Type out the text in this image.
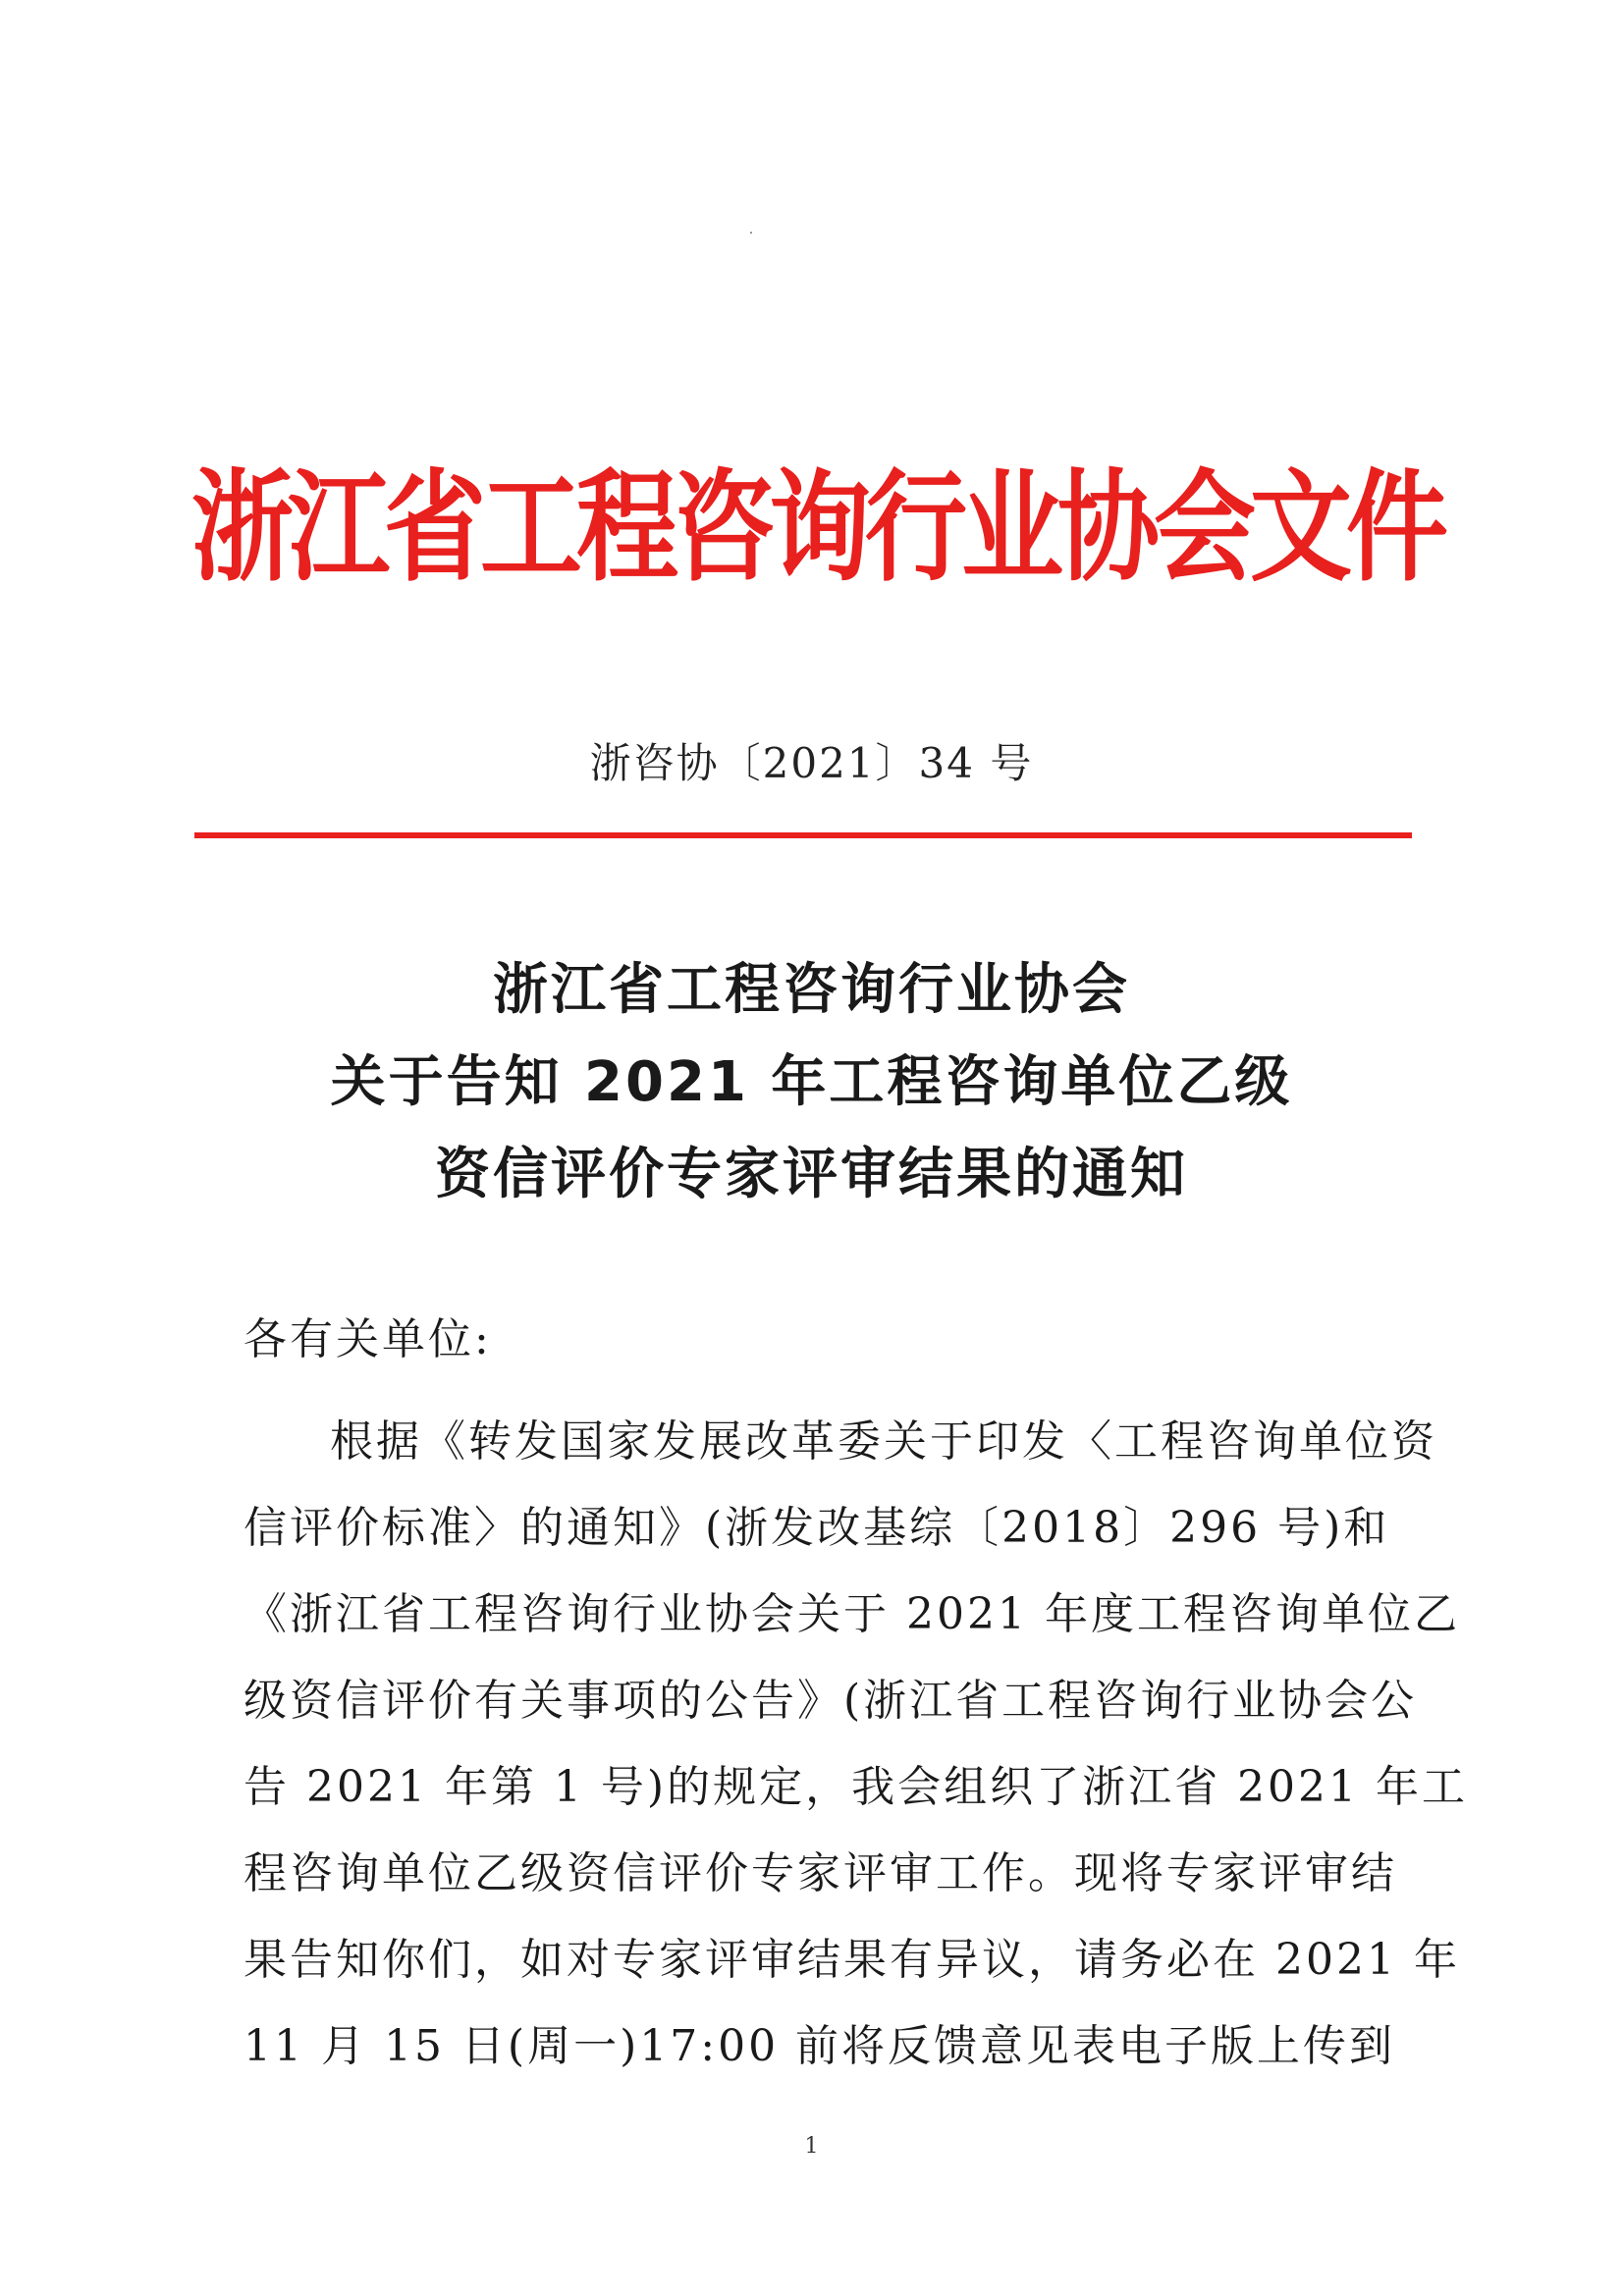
浙江省工程咨询行业协会文件
浙咨协〔2021〕34 号
浙江省工程咨询行业协会
关于告知 2021 年工程咨询单位乙级
资信评价专家评审结果的通知
各有关单位:
根据《转发国家发展改革委关于印发〈工程咨询单位资
信评价标准〉的通知》(浙发改基综〔2018〕296 号)和
《浙江省工程咨询行业协会关于 2021 年度工程咨询单位乙
级资信评价有关事项的公告》(浙江省工程咨询行业协会公
告 2021 年第 1 号)的规定，我会组织了浙江省 2021 年工
程咨询单位乙级资信评价专家评审工作。现将专家评审结
果告知你们，如对专家评审结果有异议，请务必在 2021 年
11 月 15 日(周一)17:00 前将反馈意见表电子版上传到
1
